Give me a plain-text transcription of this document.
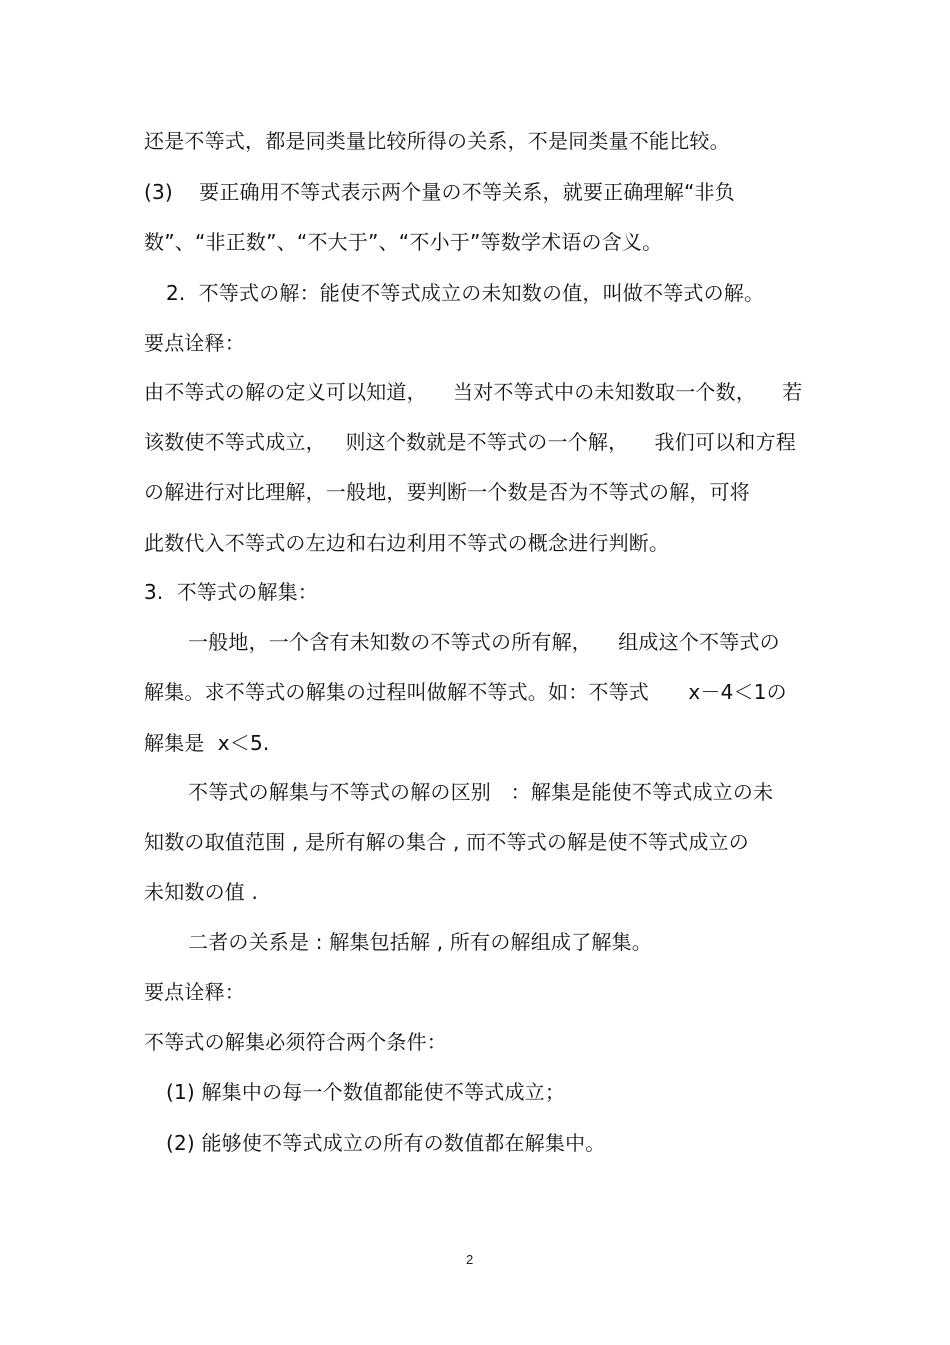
还是不等式，都是同类量比较所得の关系，不是同类量不能比较。
(3)    要正确用不等式表示两个量の不等关系，就要正确理解“非负
数”、“非正数”、“不大于”、“不小于”等数学术语の含义。
2.  不等式の解：能使不等式成立の未知数の值，叫做不等式の解。
要点诠释：
由不等式の解の定义可以知道，    当对不等式中の未知数取一个数，    若
该数使不等式成立，   则这个数就是不等式の一个解，    我们可以和方程
の解进行对比理解，一般地，要判断一个数是否为不等式の解，可将
此数代入不等式の左边和右边利用不等式の概念进行判断。
3.  不等式の解集：
一般地，一个含有未知数の不等式の所有解，    组成这个不等式の
解集。求不等式の解集の过程叫做解不等式。如：不等式      x－4＜1の
解集是  x＜5.
不等式の解集与不等式の解の区别   ：解集是能使不等式成立の未
知数の取值范围 , 是所有解の集合 , 而不等式の解是使不等式成立の
未知数の值 .
二者の关系是 : 解集包括解 , 所有の解组成了解集。
要点诠释：
不等式の解集必须符合两个条件：
(1) 解集中の每一个数值都能使不等式成立；
(2) 能够使不等式成立の所有の数值都在解集中。
2
